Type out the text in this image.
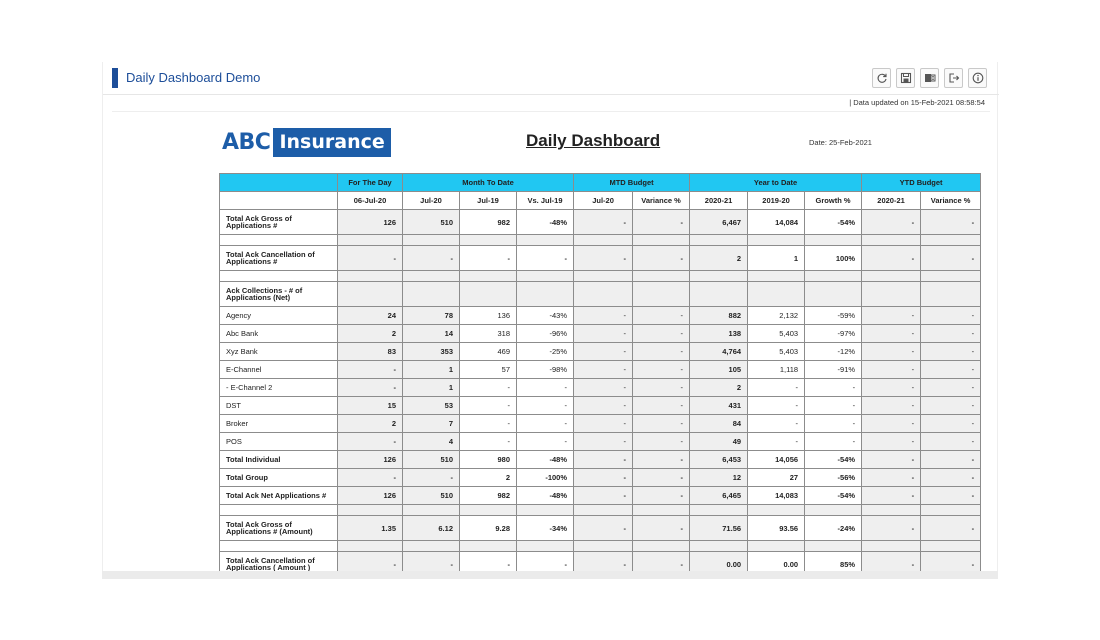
Daily Dashboard Demo
| Data updated on 15-Feb-2021 08:58:54
ABC Insurance	Daily Dashboard	Date: 25-Feb-2021
	For The Day	Month To Date			MTD Budget		Year to Date			YTD Budget	
	06-Jul-20	Jul-20	Jul-19	Vs. Jul-19	Jul-20	Variance %	2020-21	2019-20	Growth %	2020-21	Variance %
Total Ack Gross of Applications #	126	510	982	-48%	-	-	6,467	14,084	-54%	-	-

Total Ack Cancellation of Applications #	-	-	-	-	-	-	2	1	100%	-	-

Ack Collections - # of Applications (Net)											
Agency	24	78	136	-43%	-	-	882	2,132	-59%	-	-
Abc Bank	2	14	318	-96%	-	-	138	5,403	-97%	-	-
Xyz Bank	83	353	469	-25%	-	-	4,764	5,403	-12%	-	-
E-Channel	-	1	57	-98%	-	-	105	1,118	-91%	-	-
- E-Channel 2	-	1	-	-	-	-	2	-	-	-	-
DST	15	53	-	-	-	-	431	-	-	-	-
Broker	2	7	-	-	-	-	84	-	-	-	-
POS	-	4	-	-	-	-	49	-	-	-	-
Total Individual	126	510	980	-48%	-	-	6,453	14,056	-54%	-	-
Total Group	-	-	2	-100%	-	-	12	27	-56%	-	-
Total Ack Net Applications #	126	510	982	-48%	-	-	6,465	14,083	-54%	-	-

Total Ack Gross of Applications # (Amount)	1.35	6.12	9.28	-34%	-	-	71.56	93.56	-24%	-	-

Total Ack Cancellation of Applications ( Amount )	-	-	-	-	-	-	0.00	0.00	85%	-	-
